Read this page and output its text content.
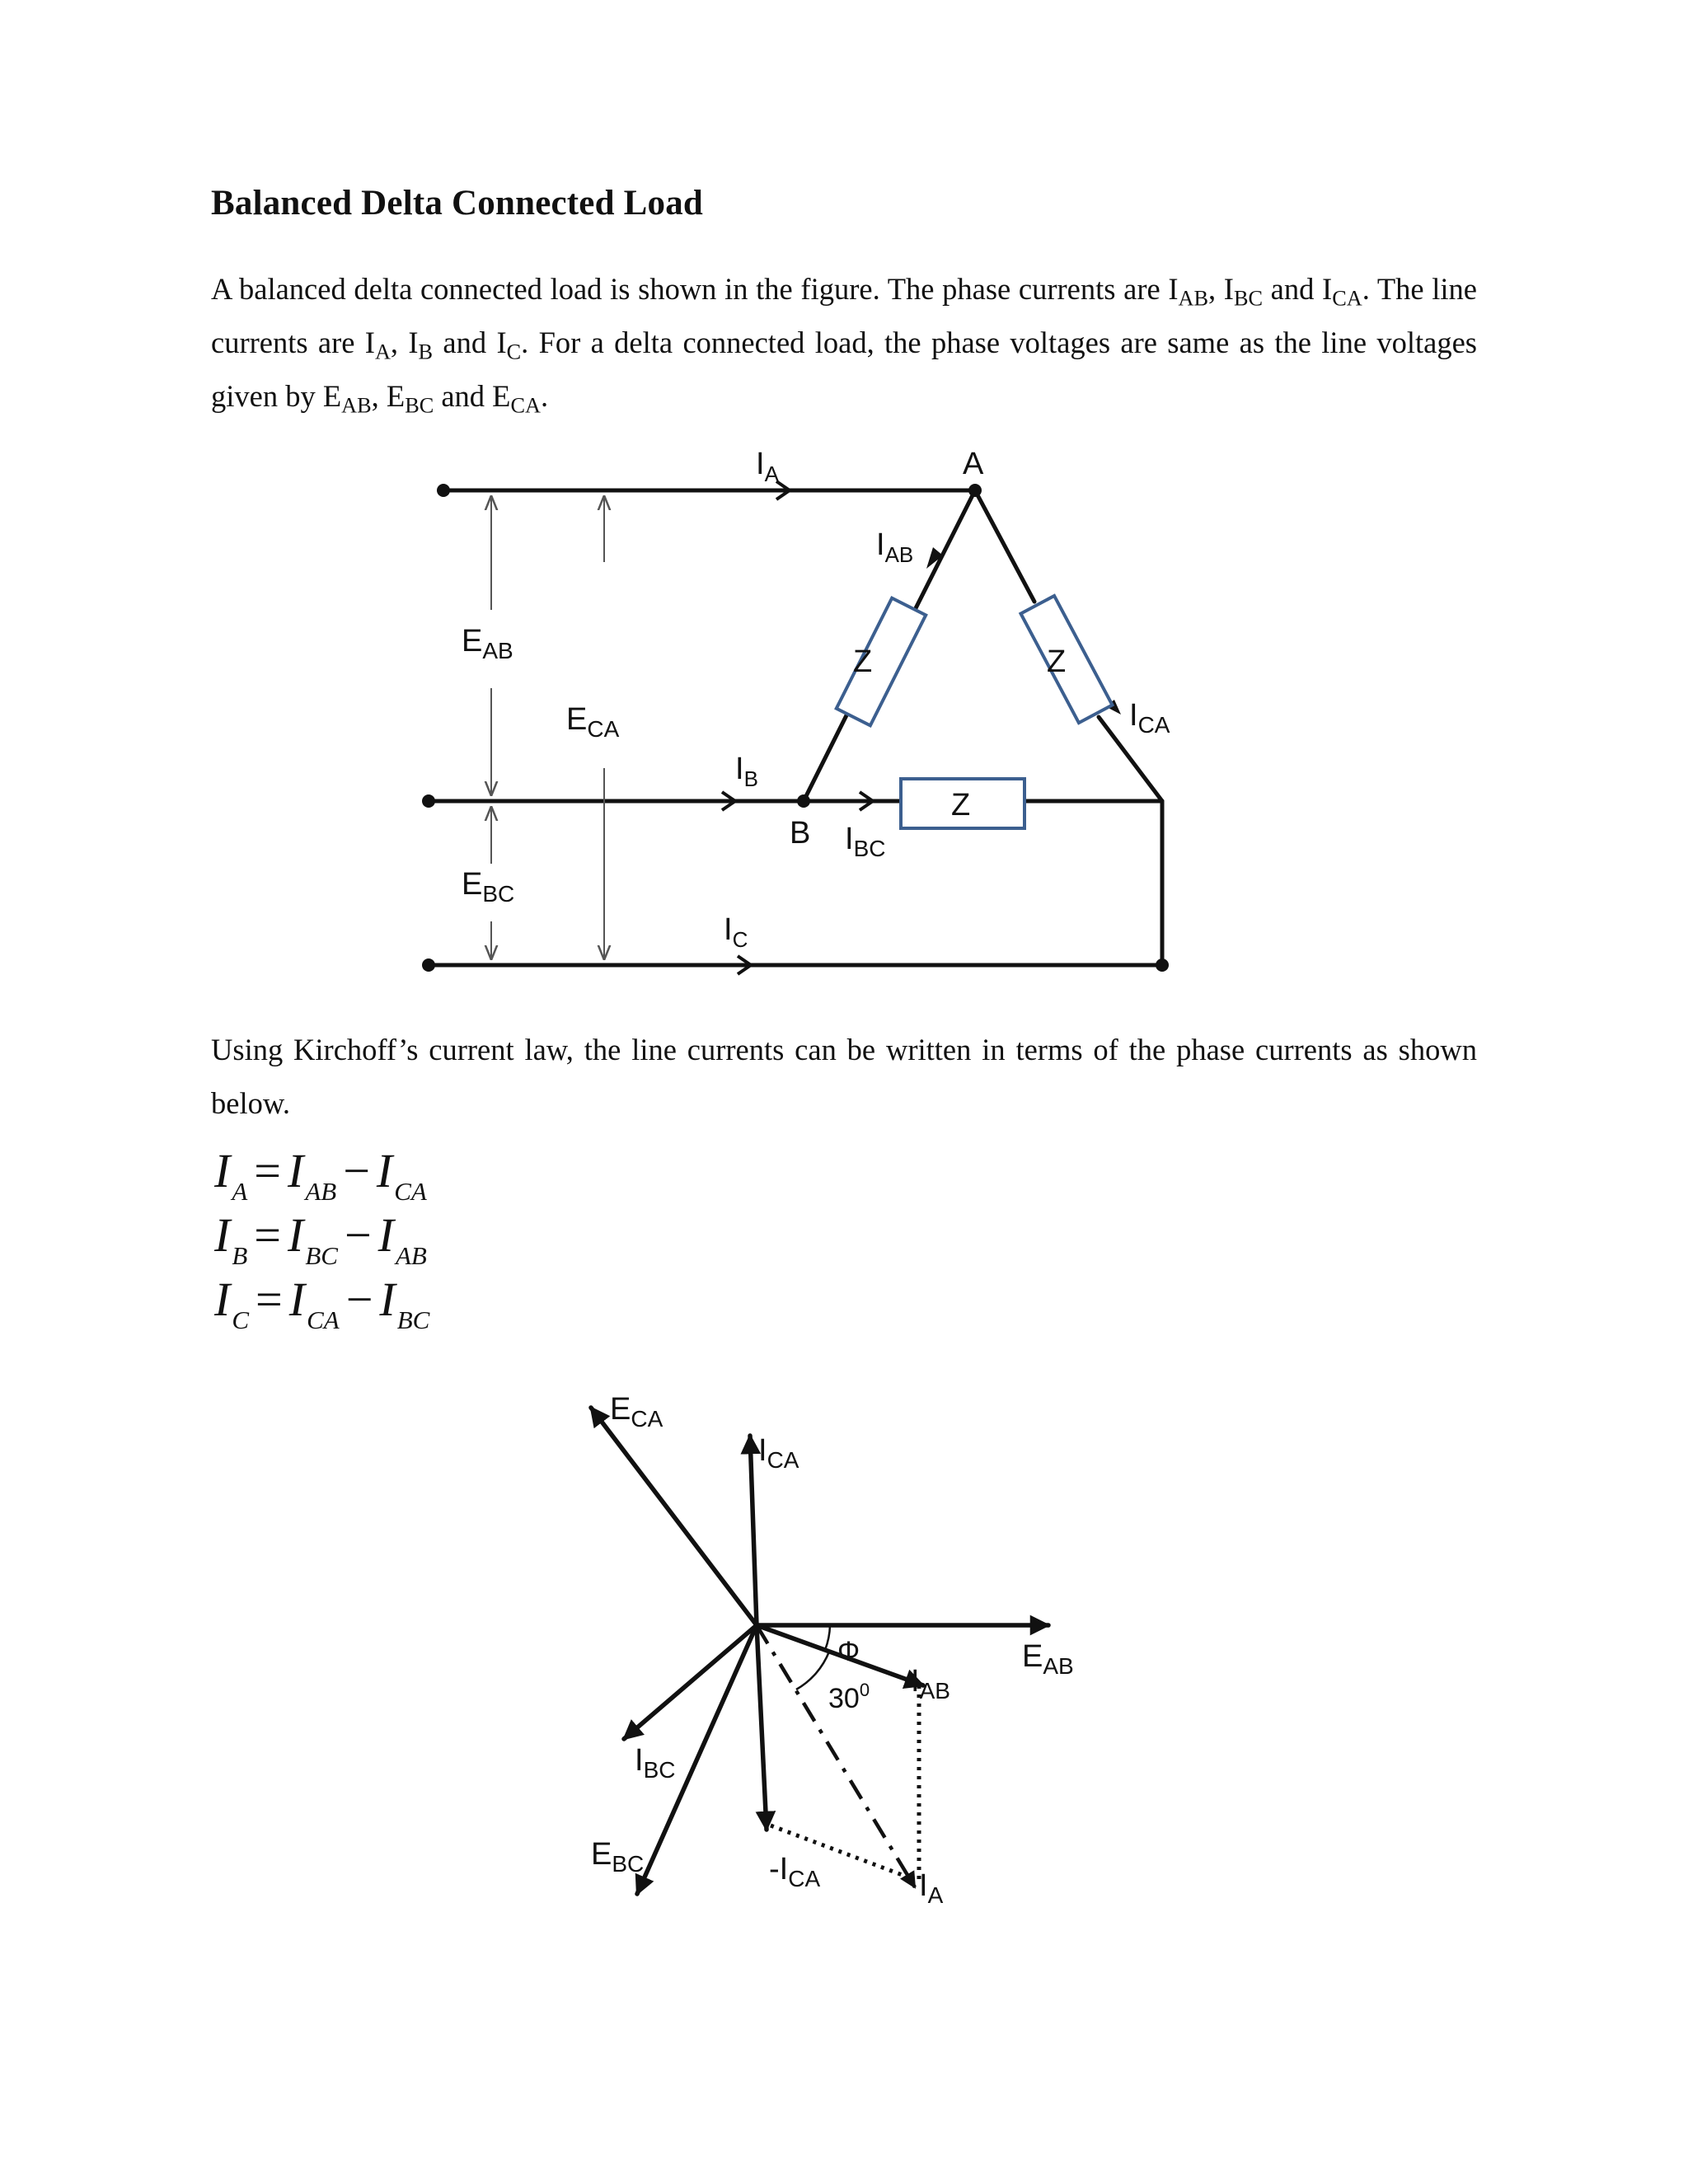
Balanced Delta Connected Load

A balanced delta connected load is shown in the figure. The phase currents are $I_{AB}$, $I_{BC}$ and $I_{CA}$. The line currents are $I_A$, $I_B$ and $I_C$. For a delta connected load, the phase voltages are same as the line voltages given by $E_{AB}$, $E_{BC}$ and $E_{CA}$.

$I_A$	A
$I_{AB}$
$E_{AB}$	Z	Z
$I_{CA}$
$E_{CA}$
$I_B$
Z
B $I_{BC}$
$E_{BC}$
$I_C$

Using Kirchoff’s current law, the line currents can be written in terms of the phase currents as shown below.

$I_A = I_{AB} - I_{CA}$
$I_B = I_{BC} - I_{AB}$
$I_C = I_{CA} - I_{BC}$
$E_{CA}$
$I_{CA}$
$E_{AB}$
Φ
$30^0$ $I_{AB}$
$I_{BC}$
$E_{BC}$	$-I_{CA}$	$I_A$
